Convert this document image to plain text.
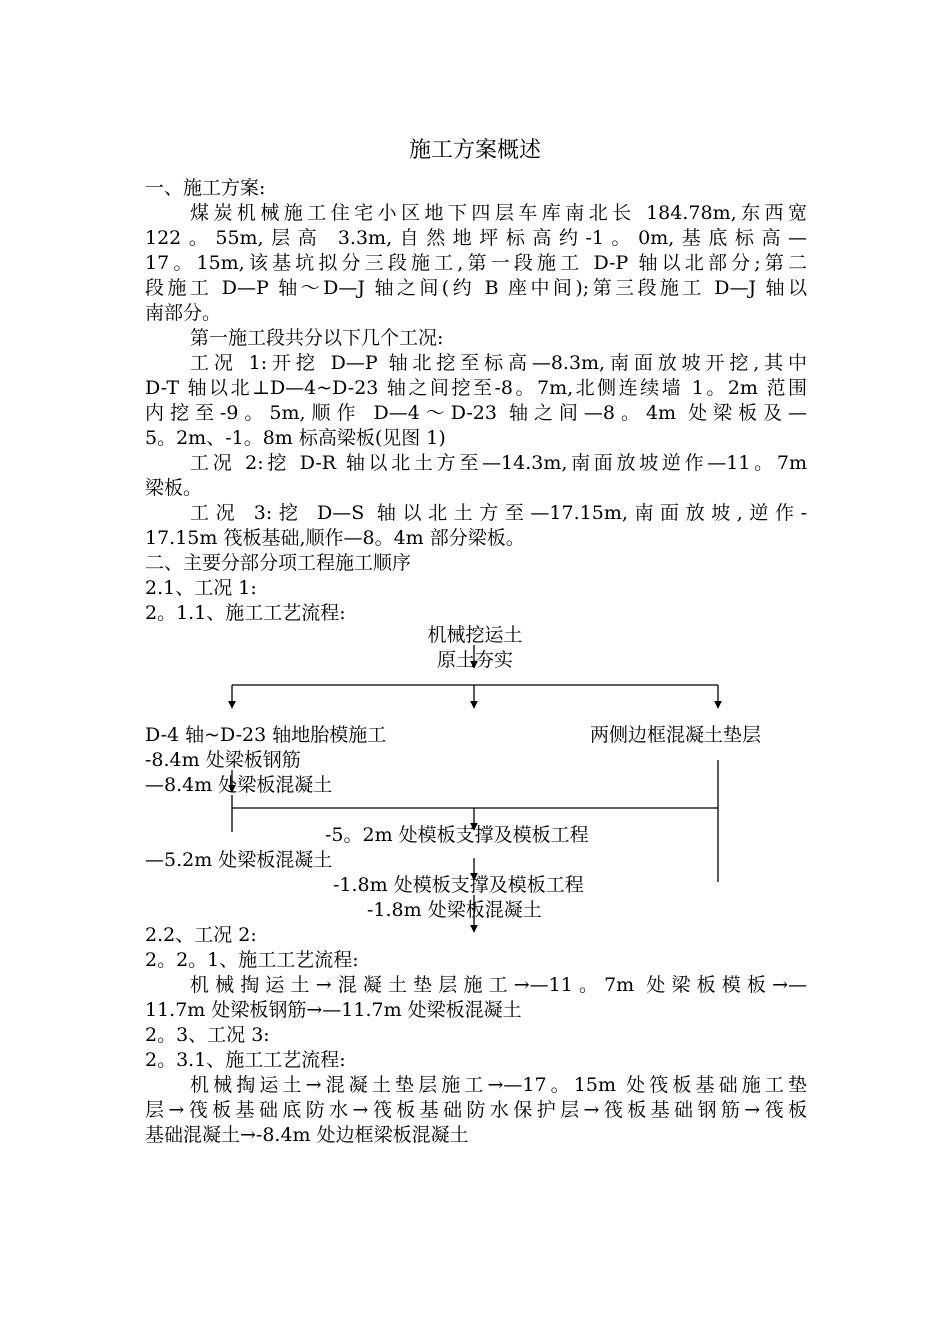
施工方案概述
一、施工方案:
煤炭机械施工住宅小区地下四层车库南北长 184.78m,东西宽
122。55m,层高 3.3m,自然地坪标高约-1。0m,基底标高—
17。15m,该基坑拟分三段施工,第一段施工 D-P 轴以北部分;第二
段施工 D—P 轴～D—J 轴之间(约 B 座中间);第三段施工 D—J 轴以
南部分。
第一施工段共分以下几个工况:
工况 1:开挖 D—P 轴北挖至标高—8.3m,南面放坡开挖,其中
D-T 轴以北⊥D—4~D-23 轴之间挖至-8。7m,北侧连续墙 1。2m 范围
内挖至-9。5m,顺作 D—4～D-23 轴之间—8。4m 处梁板及—
5。2m、-1。8m 标高梁板(见图 1)
工况 2:挖 D-R 轴以北土方至—14.3m,南面放坡逆作—11。7m
梁板。
工况 3:挖 D—S 轴以北土方至—17.15m,南面放坡,逆作-
17.15m 筏板基础,顺作—8。4m 部分梁板。
二、主要分部分项工程施工顺序
2.1、工况 1:
2。1.1、施工工艺流程:
机械挖运土
原土夯实
D-4 轴~D-23 轴地胎模施工	两侧边框混凝土垫层
-8.4m 处梁板钢筋
—8.4m 处梁板混凝土
-5。2m 处模板支撑及模板工程
—5.2m 处梁板混凝土
-1.8m 处模板支撑及模板工程
-1.8m 处梁板混凝土
2.2、工况 2:
2。2。1、施工工艺流程:
机械掏运土→混凝土垫层施工→—11。7m 处梁板模板→—
11.7m 处梁板钢筋→—11.7m 处梁板混凝土
2。3、工况 3:
2。3.1、施工工艺流程:
机械掏运土→混凝土垫层施工→—17。15m 处筏板基础施工垫
层→筏板基础底防水→筏板基础防水保护层→筏板基础钢筋→筏板
基础混凝土→-8.4m 处边框梁板混凝土
